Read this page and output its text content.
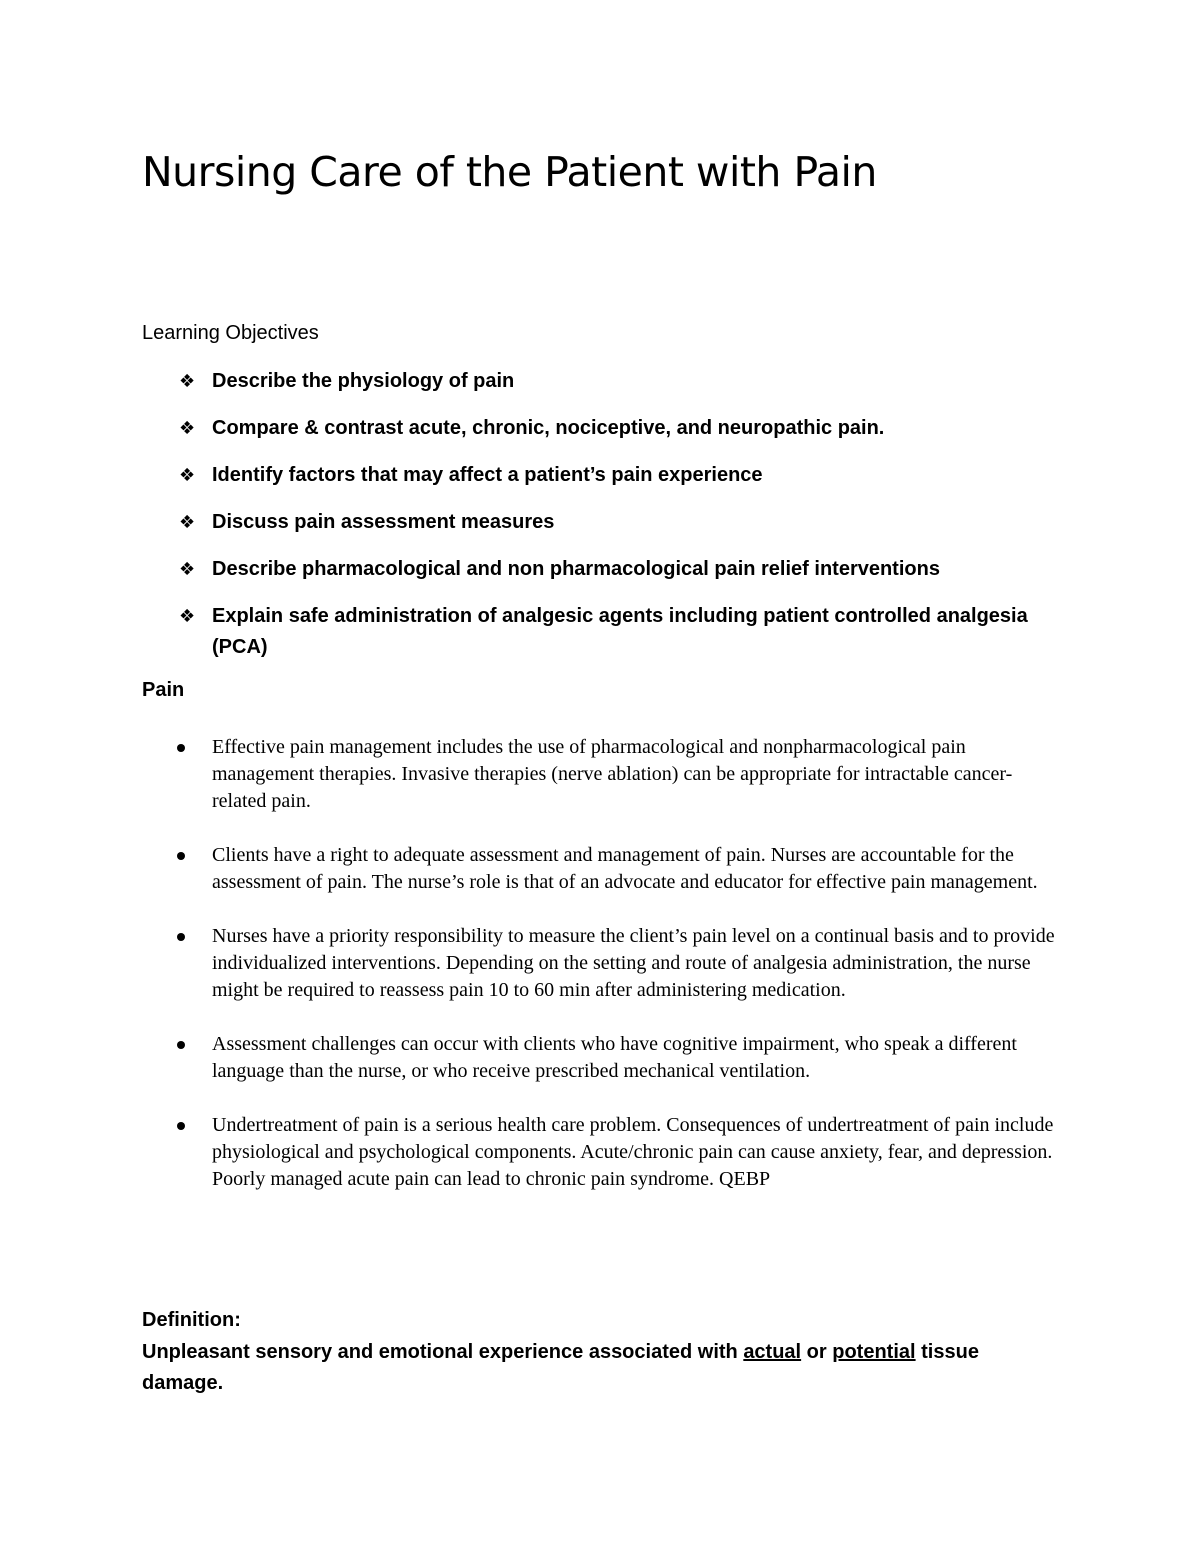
Nursing Care of the Patient with Pain
Learning Objectives
❖ Describe the physiology of pain
❖ Compare & contrast acute, chronic, nociceptive, and neuropathic pain.
❖ Identify factors that may affect a patient’s pain experience
❖ Discuss pain assessment measures
❖ Describe pharmacological and non pharmacological pain relief interventions
❖ Explain safe administration of analgesic agents including patient controlled analgesia (PCA)
Pain
Effective pain management includes the use of pharmacological and nonpharmacological pain management therapies. Invasive therapies (nerve ablation) can be appropriate for intractable cancer-related pain.
Clients have a right to adequate assessment and management of pain. Nurses are accountable for the assessment of pain. The nurse’s role is that of an advocate and educator for effective pain management.
Nurses have a priority responsibility to measure the client’s pain level on a continual basis and to provide individualized interventions. Depending on the setting and route of analgesia administration, the nurse might be required to reassess pain 10 to 60 min after administering medication.
Assessment challenges can occur with clients who have cognitive impairment, who speak a different language than the nurse, or who receive prescribed mechanical ventilation.
Undertreatment of pain is a serious health care problem. Consequences of undertreatment of pain include physiological and psychological components. Acute/chronic pain can cause anxiety, fear, and depression. Poorly managed acute pain can lead to chronic pain syndrome. QEBP
Definition:
Unpleasant sensory and emotional experience associated with actual or potential tissue damage.
